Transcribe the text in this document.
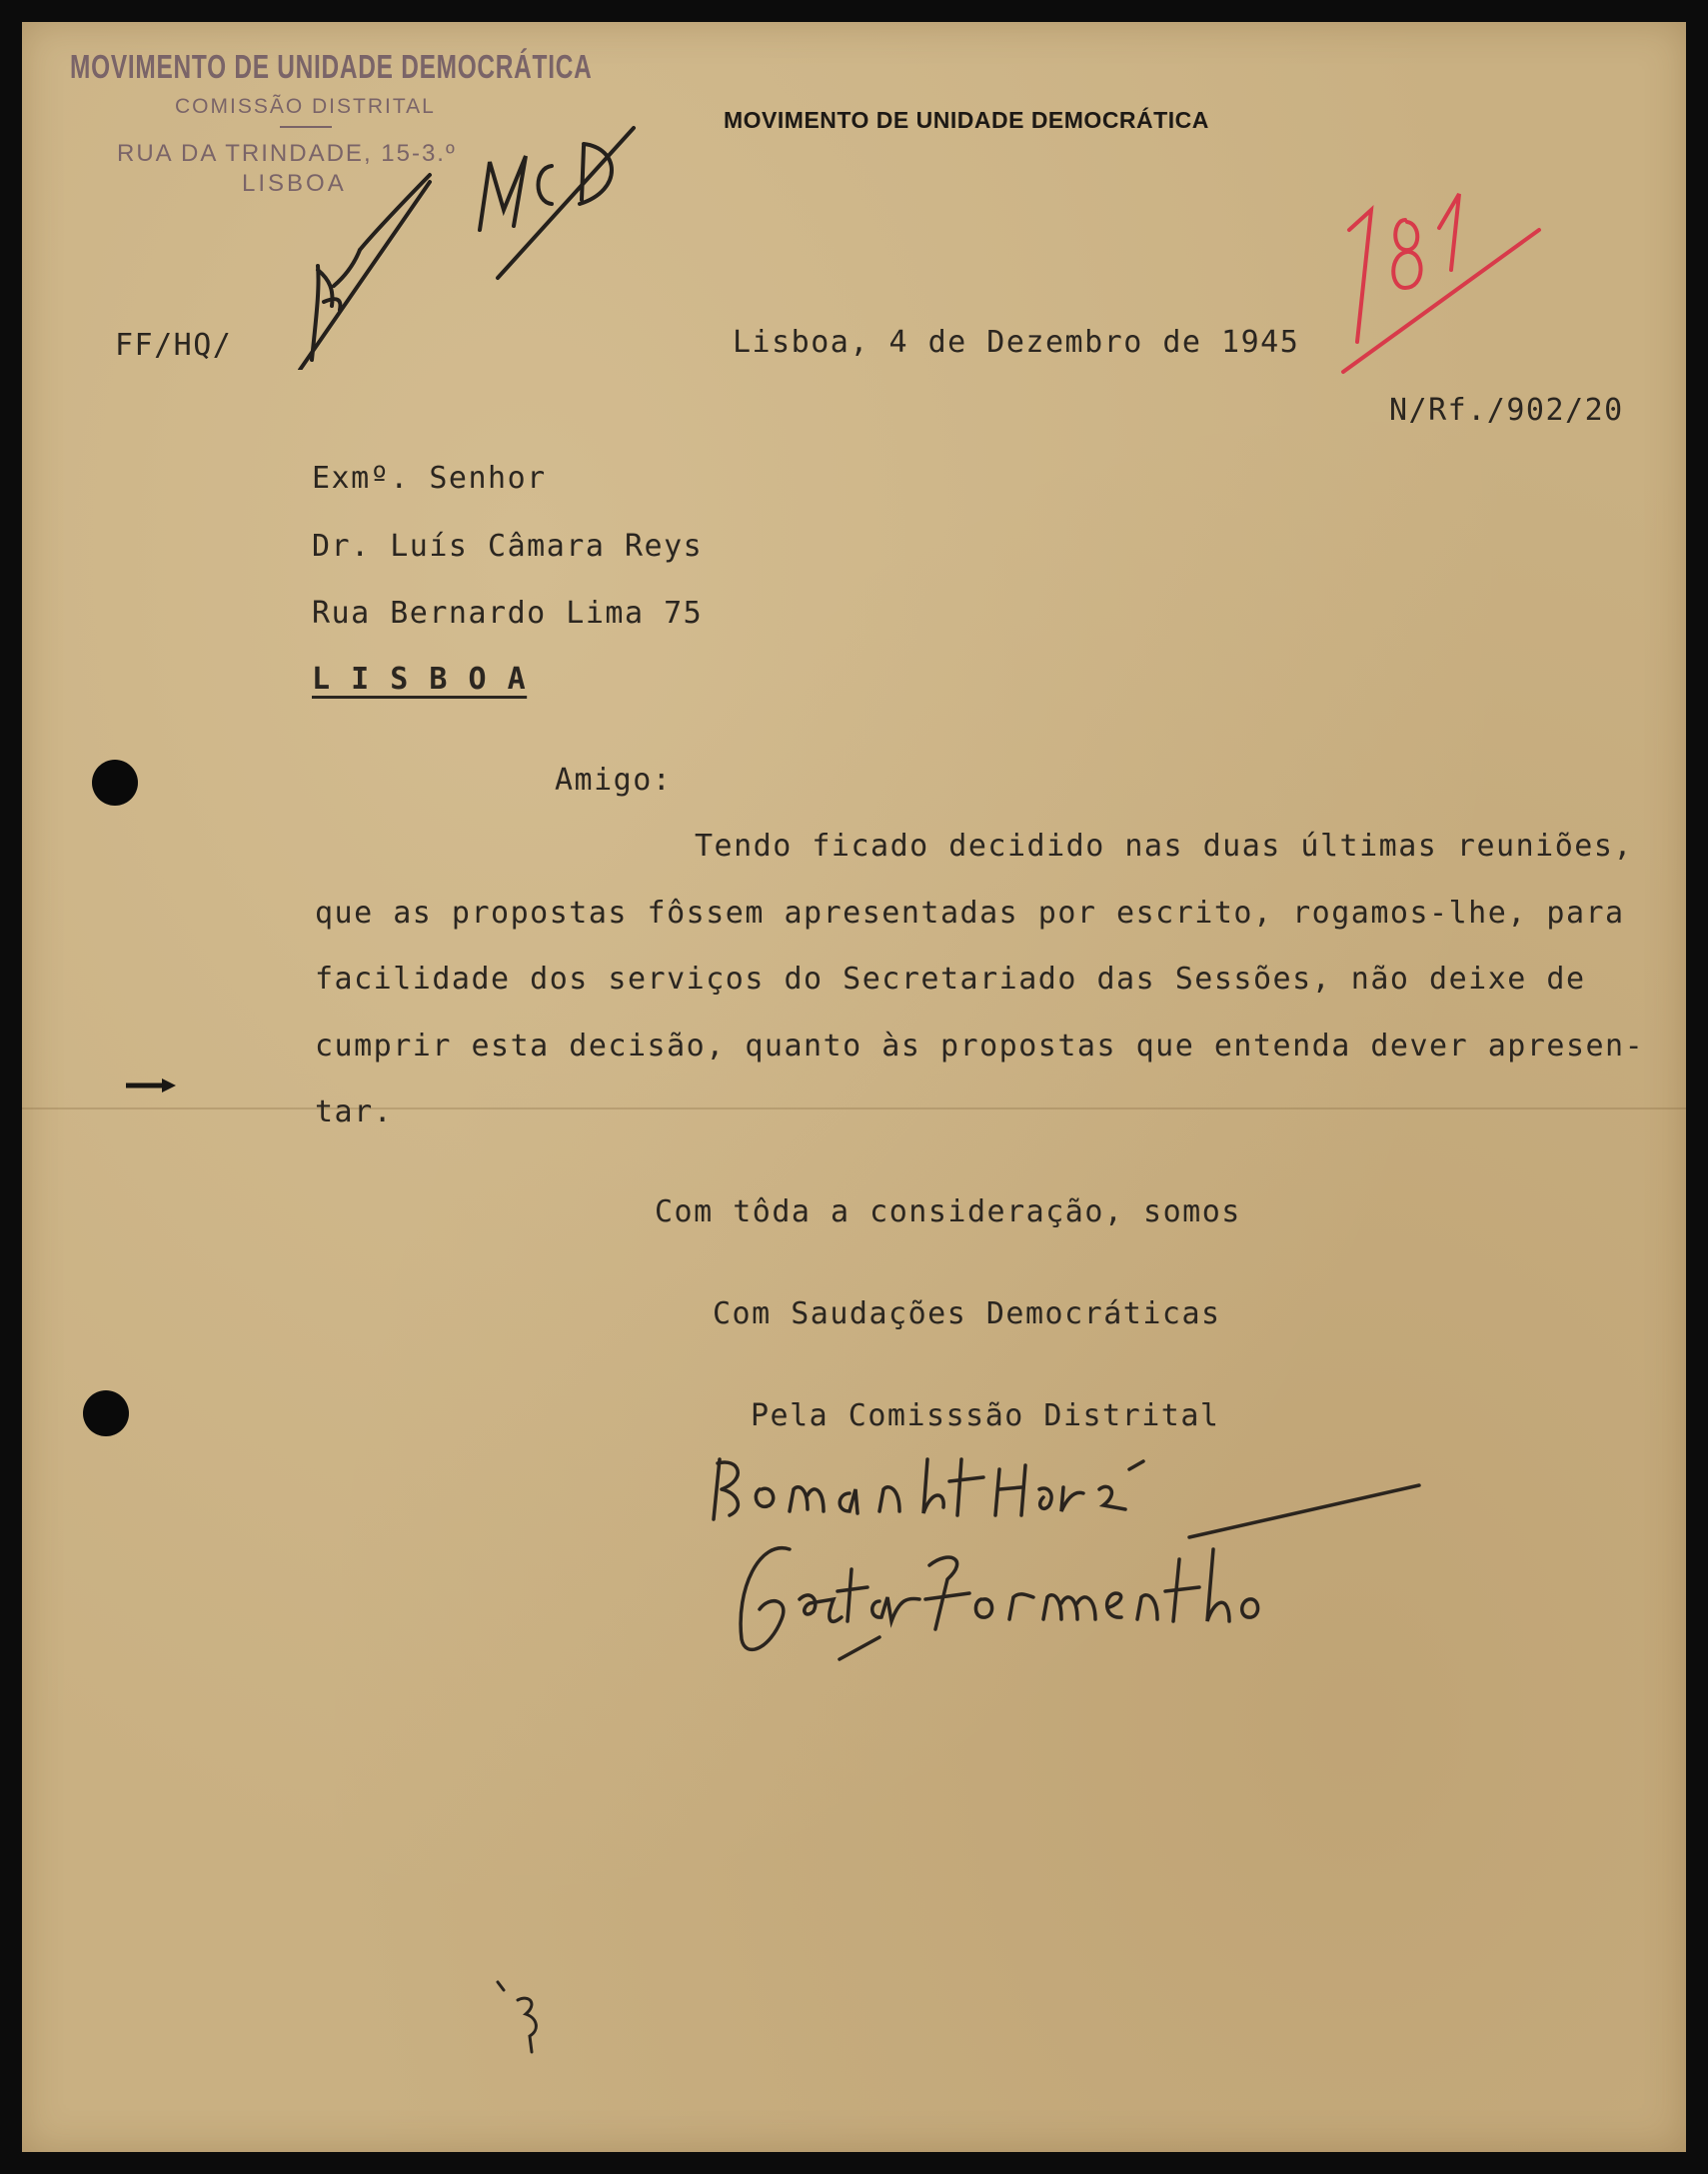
MOVIMENTO DE UNIDADE DEMOCRÁTICA
COMISSÃO DISTRITAL
RUA DA TRINDADE, 15-3.º
LISBOA
MOVIMENTO DE UNIDADE DEMOCRÁTICA
FF/HQ/	Lisboa, 4 de Dezembro de 1945
N/Rf./902/20
Exmº. Senhor
Dr. Luís Câmara Reys
Rua Bernardo Lima 75
L I S B O A
Amigo:
Tendo ficado decidido nas duas últimas reuniões,
que as propostas fôssem apresentadas por escrito, rogamos-lhe, para
facilidade dos serviços do Secretariado das Sessões, não deixe de
cumprir esta decisão, quanto às propostas que entenda dever apresen-
tar.
Com tôda a consideração, somos
Com Saudações Democráticas
Pela Comisssão Distrital
